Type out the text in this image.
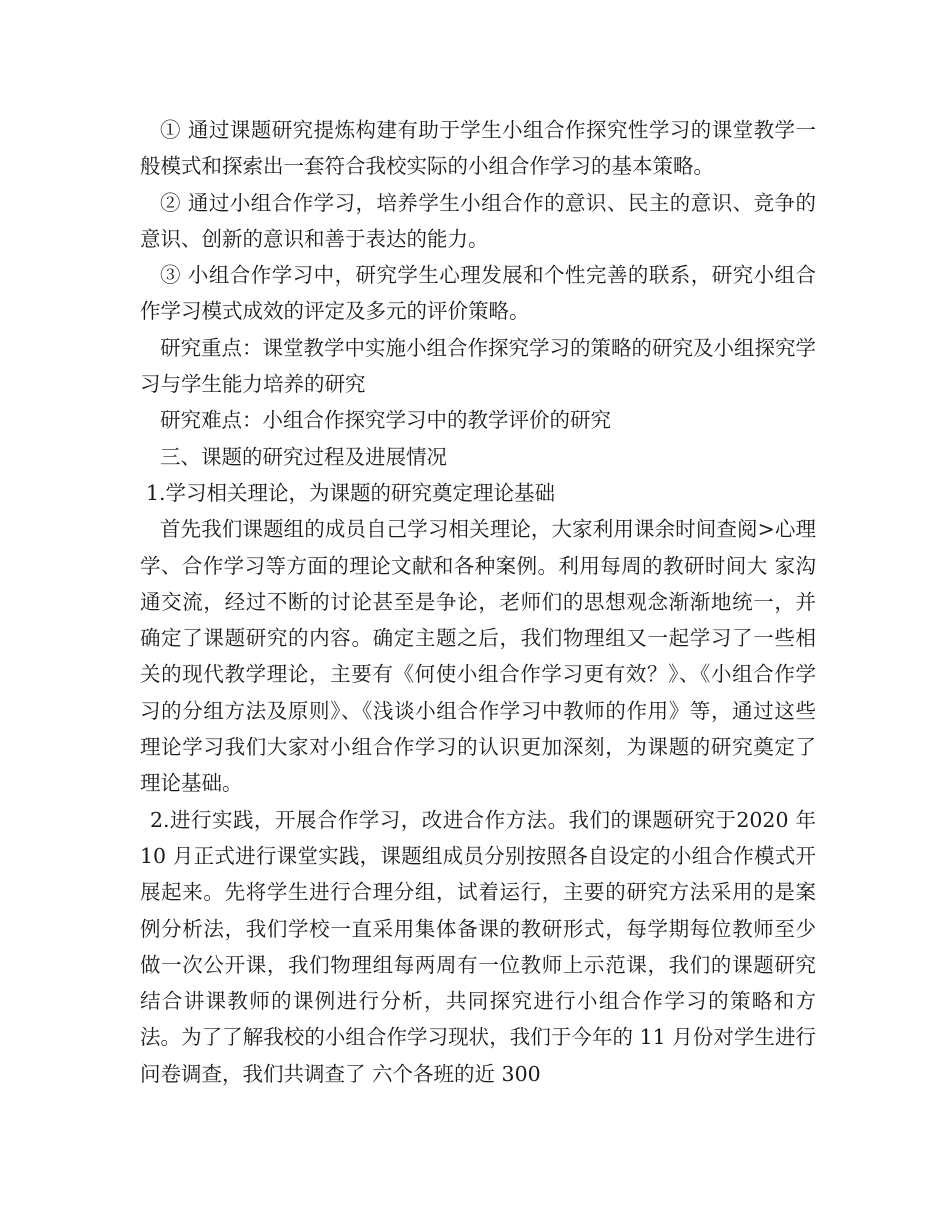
① 通过课题研究提炼构建有助于学生小组合作探究性学习的课堂教学一般模式和探索出一套符合我校实际的小组合作学习的基本策略。

② 通过小组合作学习，培养学生小组合作的意识、民主的意识、竞争的意识、创新的意识和善于表达的能力。

③ 小组合作学习中，研究学生心理发展和个性完善的联系，研究小组合作学习模式成效的评定及多元的评价策略。

研究重点：课堂教学中实施小组合作探究学习的策略的研究及小组探究学习与学生能力培养的研究

研究难点：小组合作探究学习中的教学评价的研究

三、课题的研究过程及进展情况

1.学习相关理论，为课题的研究奠定理论基础

首先我们课题组的成员自己学习相关理论，大家利用课余时间查阅>心理学、合作学习等方面的理论文献和各种案例。利用每周的教研时间大 家沟通交流，经过不断的讨论甚至是争论，老师们的思想观念渐渐地统一，并确定了课题研究的内容。确定主题之后，我们物理组又一起学习了一些相关的现代教学理论，主要有《何使小组合作学习更有效？》、《小组合作学习的分组方法及原则》、《浅谈小组合作学习中教师的作用》等，通过这些理论学习我们大家对小组合作学习的认识更加深刻，为课题的研究奠定了理论基础。

2.进行实践，开展合作学习，改进合作方法。我们的课题研究于2020 年 10 月正式进行课堂实践，课题组成员分别按照各自设定的小组合作模式开展起来。先将学生进行合理分组，试着运行，主要的研究方法采用的是案例分析法，我们学校一直采用集体备课的教研形式，每学期每位教师至少做一次公开课，我们物理组每两周有一位教师上示范课，我们的课题研究结合讲课教师的课例进行分析，共同探究进行小组合作学习的策略和方法。为了了解我校的小组合作学习现状，我们于今年的 11 月份对学生进行问卷调查，我们共调查了 六个各班的近 300
